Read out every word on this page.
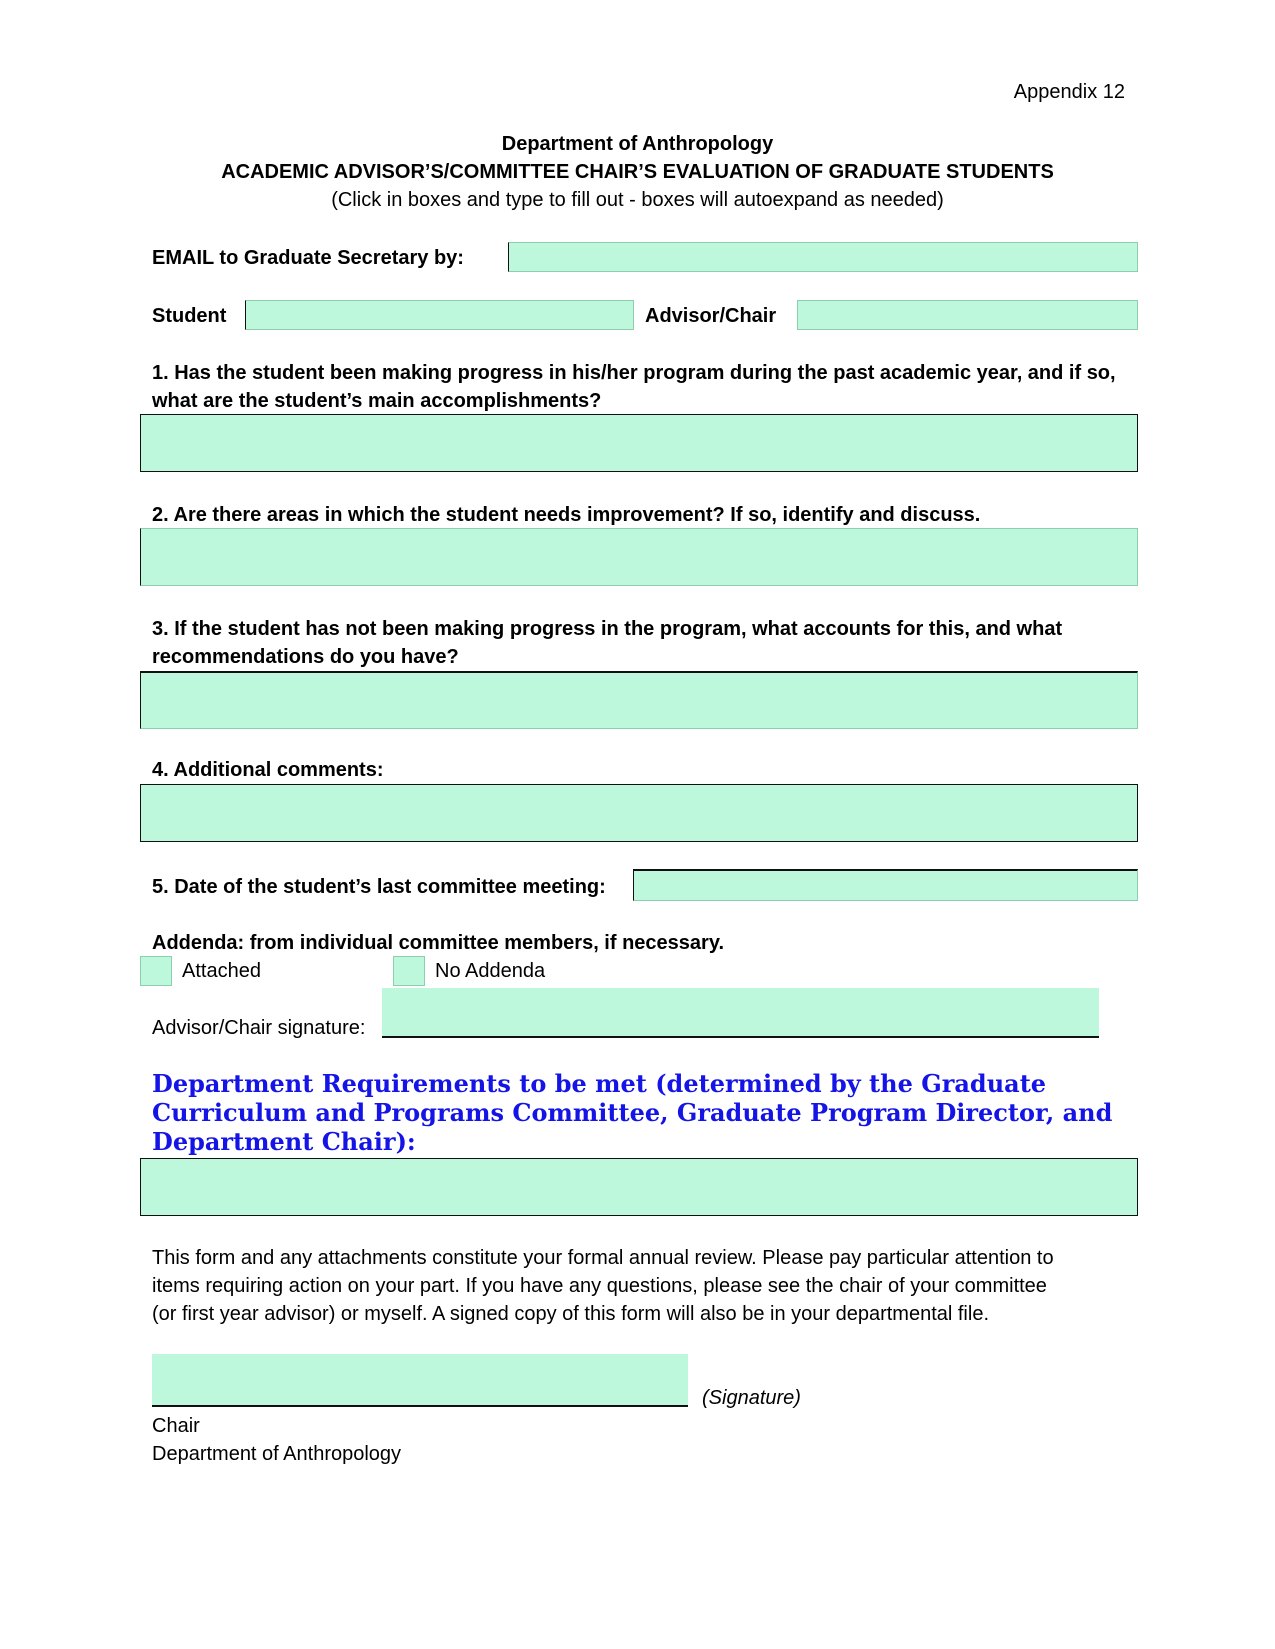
Appendix 12
Department of Anthropology
ACADEMIC ADVISOR’S/COMMITTEE CHAIR’S EVALUATION OF GRADUATE STUDENTS
(Click in boxes and type to fill out - boxes will autoexpand as needed)
EMAIL to Graduate Secretary by:
Student	Advisor/Chair
1. Has the student been making progress in his/her program during the past academic year, and if so,
what are the student’s main accomplishments?
2. Are there areas in which the student needs improvement? If so, identify and discuss.
3. If the student has not been making progress in the program, what accounts for this, and what
recommendations do you have?
4. Additional comments:
5. Date of the student’s last committee meeting:
Addenda: from individual committee members, if necessary.
Attached	No Addenda
Advisor/Chair signature:
Department Requirements to be met (determined by the Graduate
Curriculum and Programs Committee, Graduate Program Director, and
Department Chair):
This form and any attachments constitute your formal annual review. Please pay particular attention to
items requiring action on your part. If you have any questions, please see the chair of your committee
(or first year advisor) or myself. A signed copy of this form will also be in your departmental file.
(Signature)
Chair
Department of Anthropology
